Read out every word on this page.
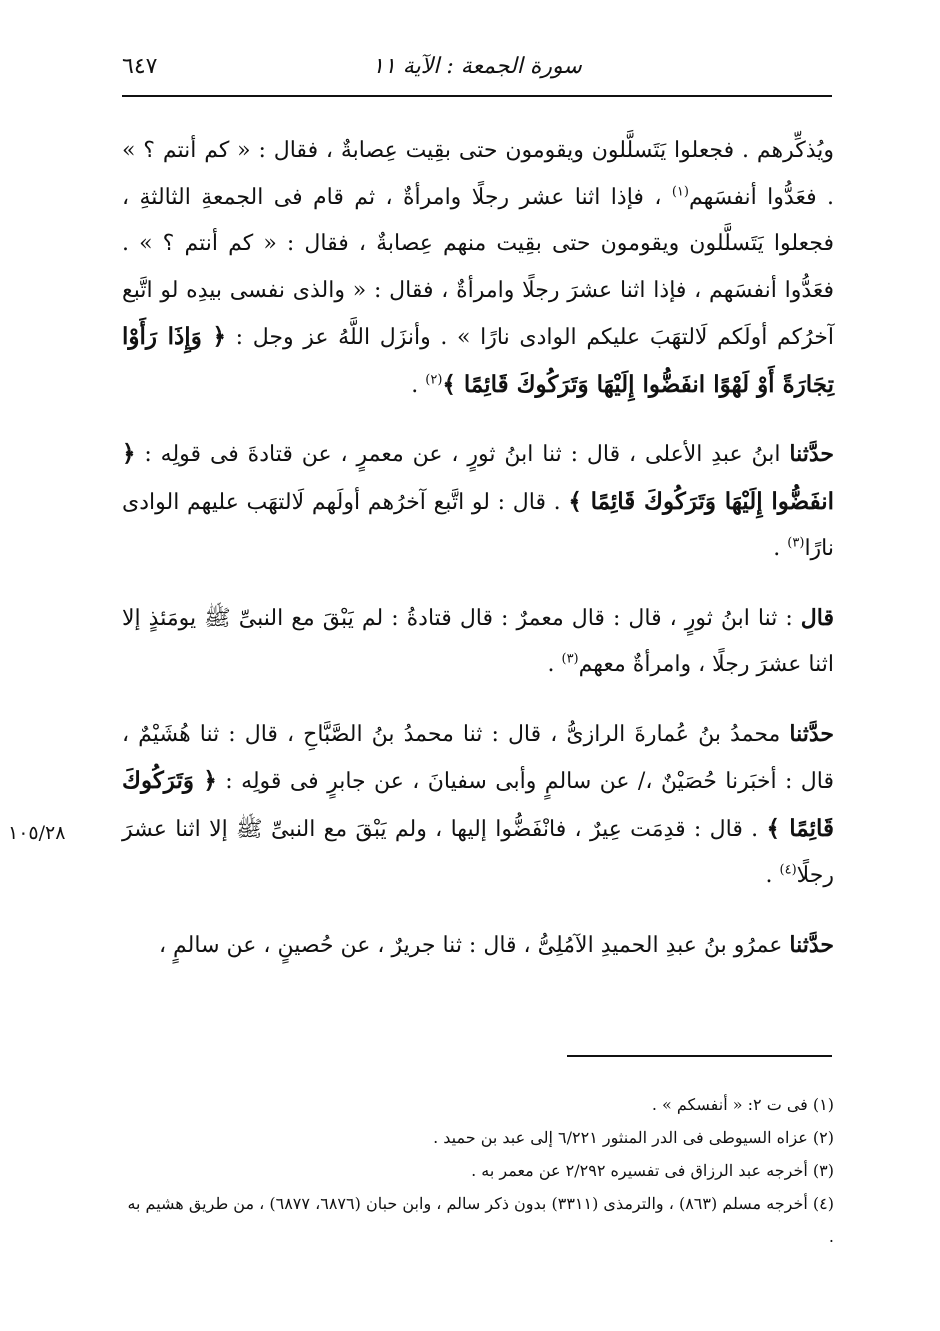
سورة الجمعة : الآية ١١
٦٤٧
١٠٥/٢٨

ويُذكِّرهم . فجعلوا يَتَسلَّلون ويقومون حتى بقِيت عِصابةٌ ، فقال : « كم أنتم ؟ » . فعَدُّوا أنفسَهم$^{(١)}$ ، فإذا اثنا عشر رجلًا وامرأةٌ ، ثم قام فى الجمعةِ الثالثةِ ، فجعلوا يَتَسلَّلون ويقومون حتى بقِيت منهم عِصابةٌ ، فقال : « كم أنتم ؟ » . فعَدُّوا أنفسَهم ، فإذا اثنا عشرَ رجلًا وامرأةٌ ، فقال : « والذى نفسى بيدِه لو اتَّبع آخرُكم أولَكم لَالتهَبَ عليكم الوادى نارًا » . وأنزَل اللَّهُ عز وجل : ﴿ وَإِذَا رَأَوْا تِجَارَةً أَوْ لَهْوًا انفَضُّوا إِلَيْهَا وَتَرَكُوكَ قَائِمًا ﴾$^{(٢)}$ .

حدَّثنا ابنُ عبدِ الأعلى ، قال : ثنا ابنُ ثورٍ ، عن معمرٍ ، عن قتادةَ فى قولِه : ﴿ انفَضُّوا إِلَيْهَا وَتَرَكُوكَ قَائِمًا ﴾ . قال : لو اتَّبع آخرُهم أولَهم لَالتهَب عليهم الوادى نارًا$^{(٣)}$ .

قال : ثنا ابنُ ثورٍ ، قال : قال معمرٌ : قال قتادةُ : لم يَبْقَ مع النبىِّ ﷺ يومَئذٍ إلا اثنا عشرَ رجلًا ، وامرأةٌ معهم$^{(٣)}$ .

حدَّثنا محمدُ بنُ عُمارةَ الرازىُّ ، قال : ثنا محمدُ بنُ الصَّبَّاحِ ، قال : ثنا هُشَيْمٌ ، قال : أخبَرنا حُصَيْنٌ ،/ عن سالمٍ وأبى سفيانَ ، عن جابرٍ فى قولِه : ﴿ وَتَرَكُوكَ قَائِمًا ﴾ . قال : قدِمَت عِيرٌ ، فانْفَضُّوا إليها ، ولم يَبْقَ مع النبىِّ ﷺ إلا اثنا عشرَ رجلًا$^{(٤)}$ .

حدَّثنا عمرُو بنُ عبدِ الحميدِ الآمُلِىُّ ، قال : ثنا جريرٌ ، عن حُصينٍ ، عن سالمٍ ،

(١) فى ت ٢: « أنفسكم » .

(٢) عزاه السيوطى فى الدر المنثور ٦/٢٢١ إلى عبد بن حميد .

(٣) أخرجه عبد الرزاق فى تفسيره ٢/٢٩٢ عن معمر به .

(٤) أخرجه مسلم (٨٦٣) ، والترمذى (٣٣١١) بدون ذكر سالم ، وابن حبان (٦٨٧٦، ٦٨٧٧) ، من طريق هشيم به .
